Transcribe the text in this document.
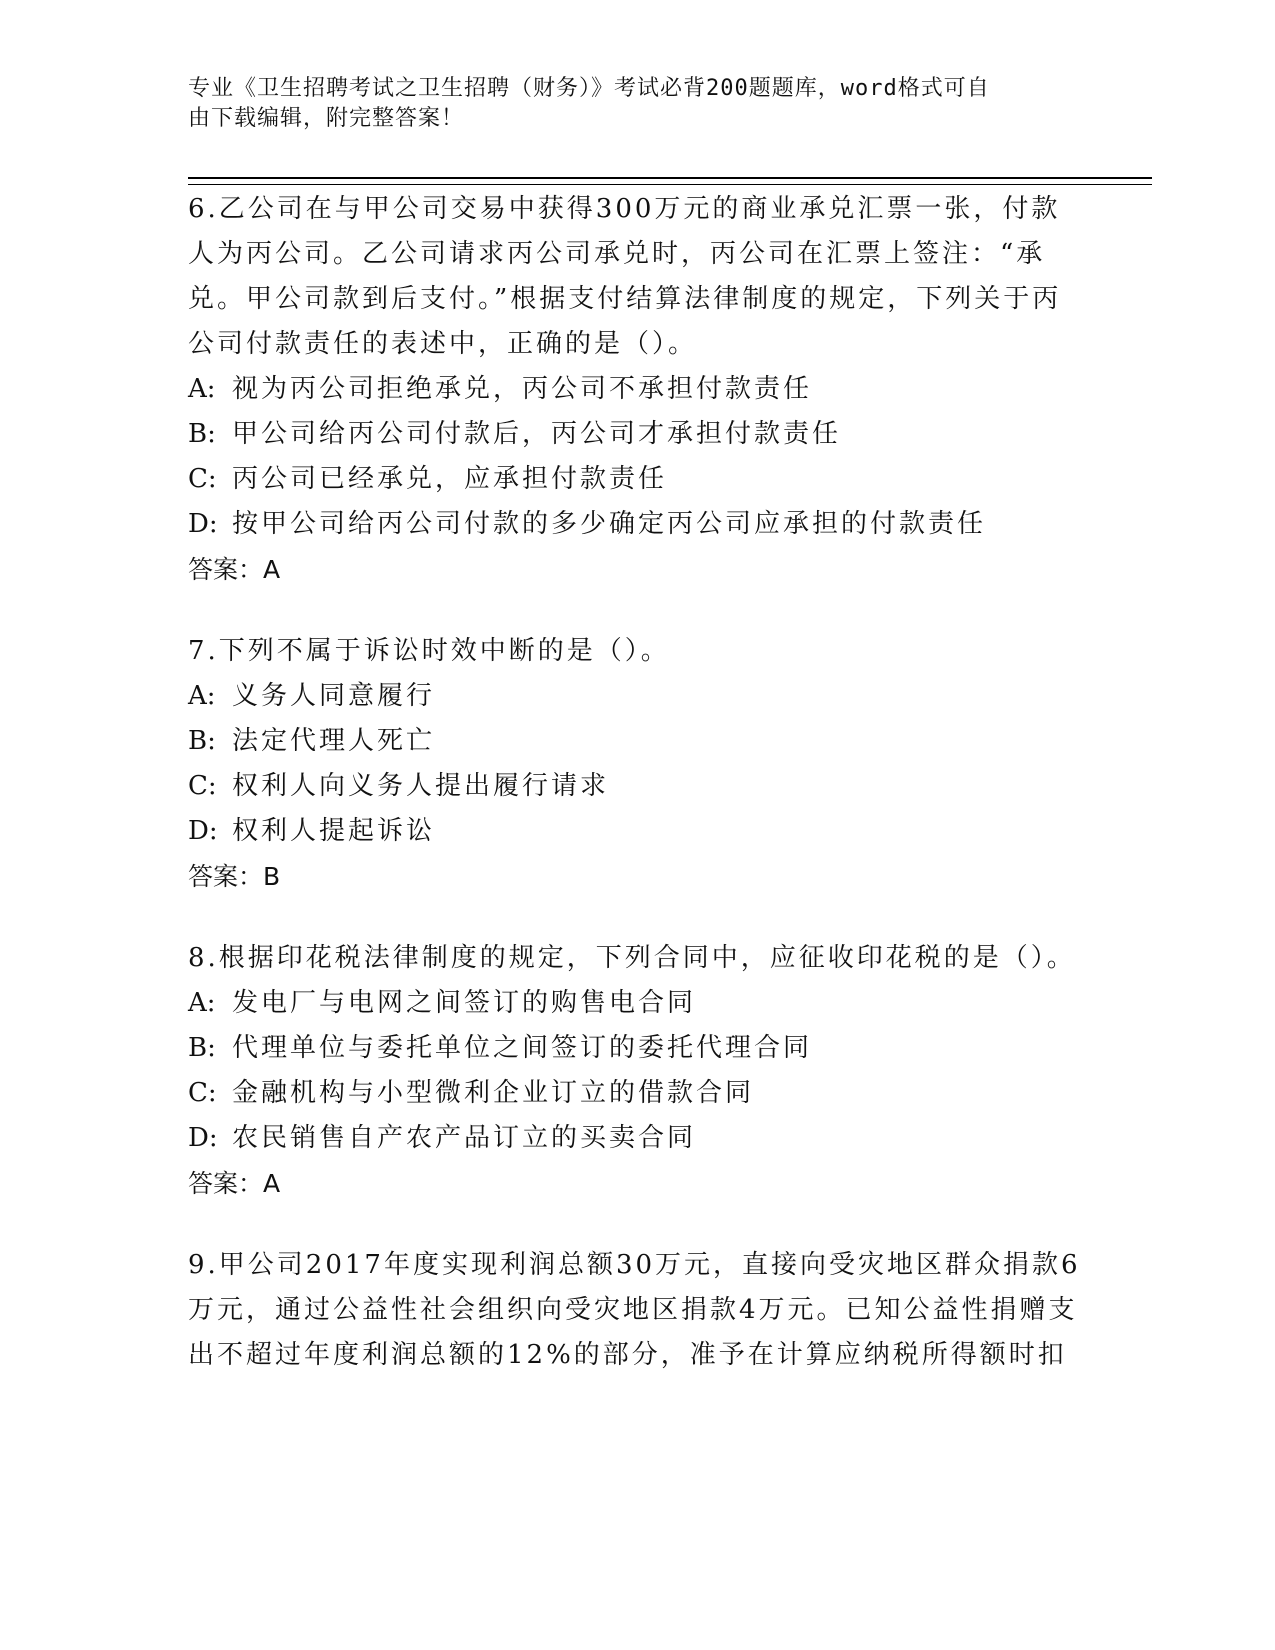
专业《卫生招聘考试之卫生招聘（财务）》考试必背200题题库，word格式可自
由下载编辑，附完整答案！
6.乙公司在与甲公司交易中获得300万元的商业承兑汇票一张，付款人为丙公司。乙公司请求丙公司承兑时，丙公司在汇票上签注：“承兑。甲公司款到后支付。”根据支付结算法律制度的规定，下列关于丙公司付款责任的表述中，正确的是（）。
A: 视为丙公司拒绝承兑，丙公司不承担付款责任
B: 甲公司给丙公司付款后，丙公司才承担付款责任
C: 丙公司已经承兑，应承担付款责任
D: 按甲公司给丙公司付款的多少确定丙公司应承担的付款责任
答案：A
7.下列不属于诉讼时效中断的是（）。
A: 义务人同意履行
B: 法定代理人死亡
C: 权利人向义务人提出履行请求
D: 权利人提起诉讼
答案：B
8.根据印花税法律制度的规定，下列合同中，应征收印花税的是（）。
A: 发电厂与电网之间签订的购售电合同
B: 代理单位与委托单位之间签订的委托代理合同
C: 金融机构与小型微利企业订立的借款合同
D: 农民销售自产农产品订立的买卖合同
答案：A
9.甲公司2017年度实现利润总额30万元，直接向受灾地区群众捐款6万元，通过公益性社会组织向受灾地区捐款4万元。已知公益性捐赠支出不超过年度利润总额的12%的部分，准予在计算应纳税所得额时扣
